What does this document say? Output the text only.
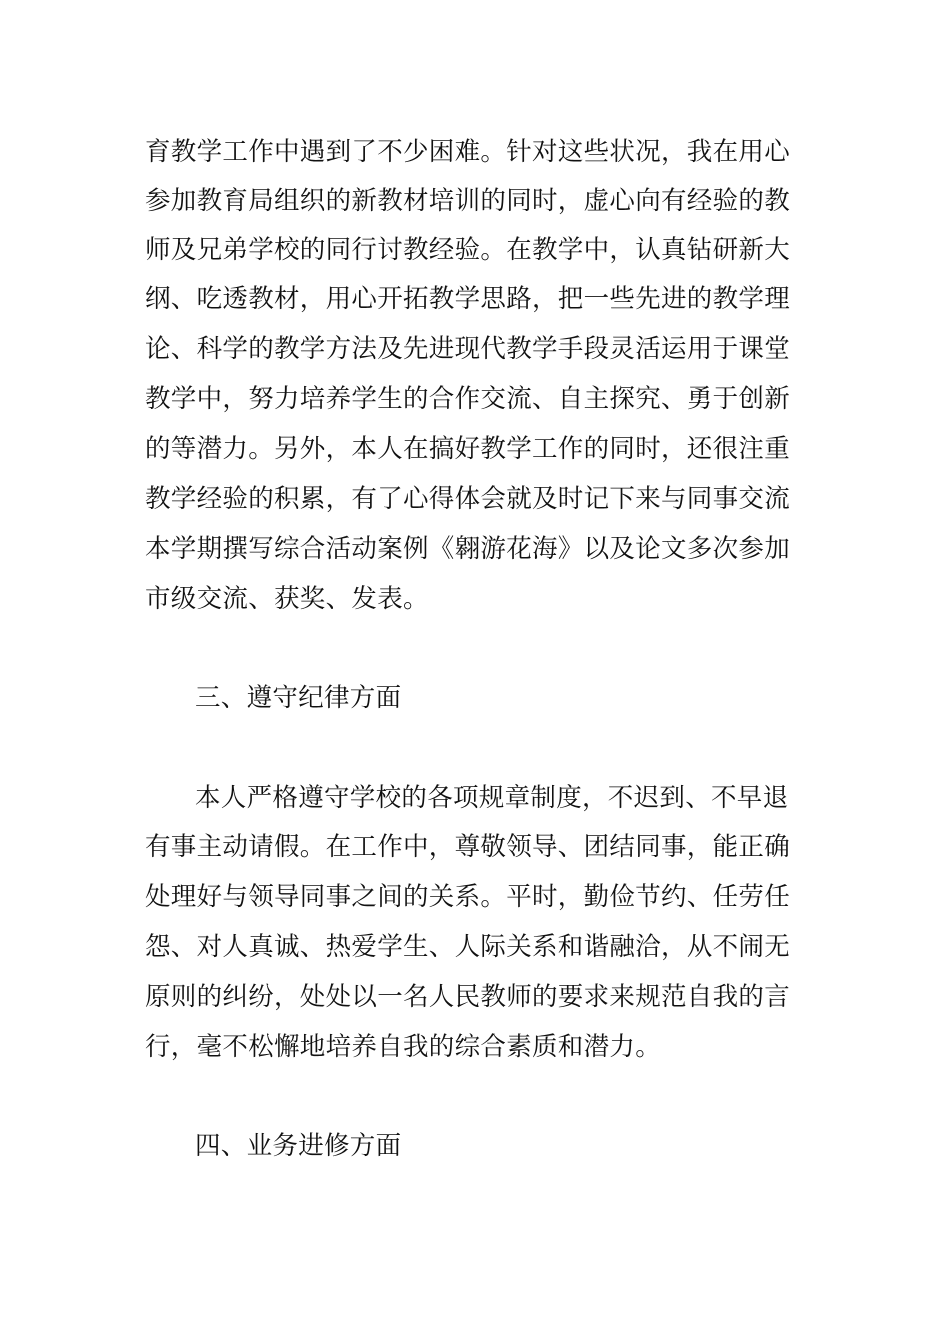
育教学工作中遇到了不少困难。针对这些状况，我在用心
参加教育局组织的新教材培训的同时，虚心向有经验的教
师及兄弟学校的同行讨教经验。在教学中，认真钻研新大
纲、吃透教材，用心开拓教学思路，把一些先进的教学理
论、科学的教学方法及先进现代教学手段灵活运用于课堂
教学中，努力培养学生的合作交流、自主探究、勇于创新
的等潜力。另外，本人在搞好教学工作的同时，还很注重
教学经验的积累，有了心得体会就及时记下来与同事交流
本学期撰写综合活动案例《翱游花海》以及论文多次参加
市级交流、获奖、发表。
三、遵守纪律方面
本人严格遵守学校的各项规章制度，不迟到、不早退
有事主动请假。在工作中，尊敬领导、团结同事，能正确
处理好与领导同事之间的关系。平时，勤俭节约、任劳任
怨、对人真诚、热爱学生、人际关系和谐融洽，从不闹无
原则的纠纷，处处以一名人民教师的要求来规范自我的言
行，毫不松懈地培养自我的综合素质和潜力。
四、业务进修方面
